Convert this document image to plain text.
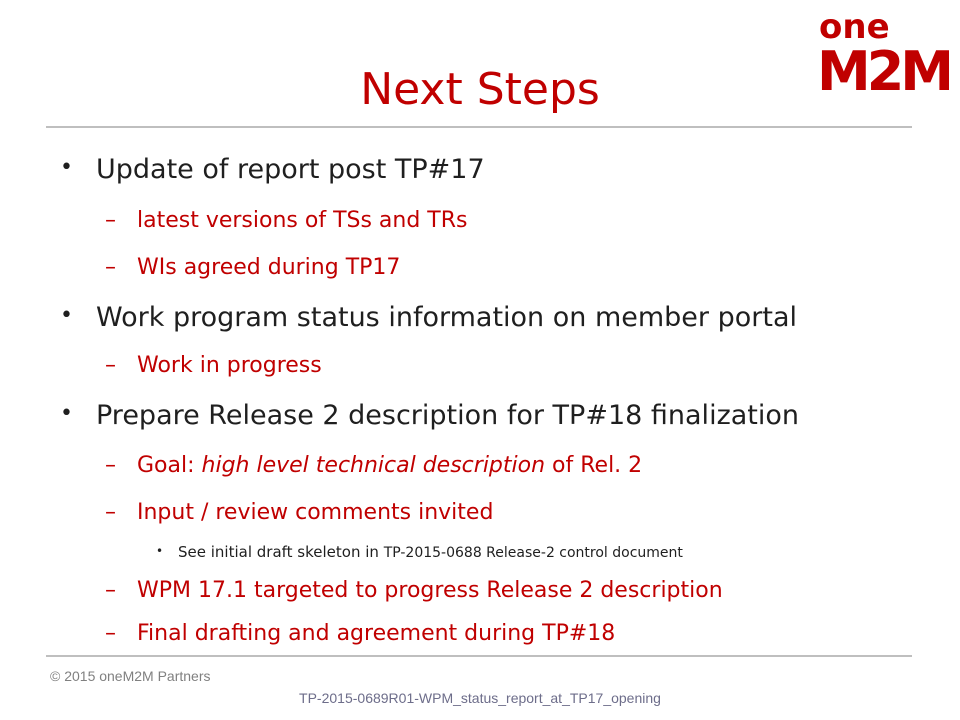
one
M2M
Next Steps
• Update of report post TP#17
– latest versions of TSs and TRs
– WIs agreed during TP17
• Work program status information on member portal
– Work in progress
• Prepare Release 2 description for TP#18 finalization
– Goal: high level technical description of Rel. 2
– Input / review comments invited
• See initial draft skeleton in TP-2015-0688 Release-2 control document
– WPM 17.1 targeted to progress Release 2 description
– Final drafting and agreement during TP#18
© 2015 oneM2M Partners
TP-2015-0689R01-WPM_status_report_at_TP17_opening
